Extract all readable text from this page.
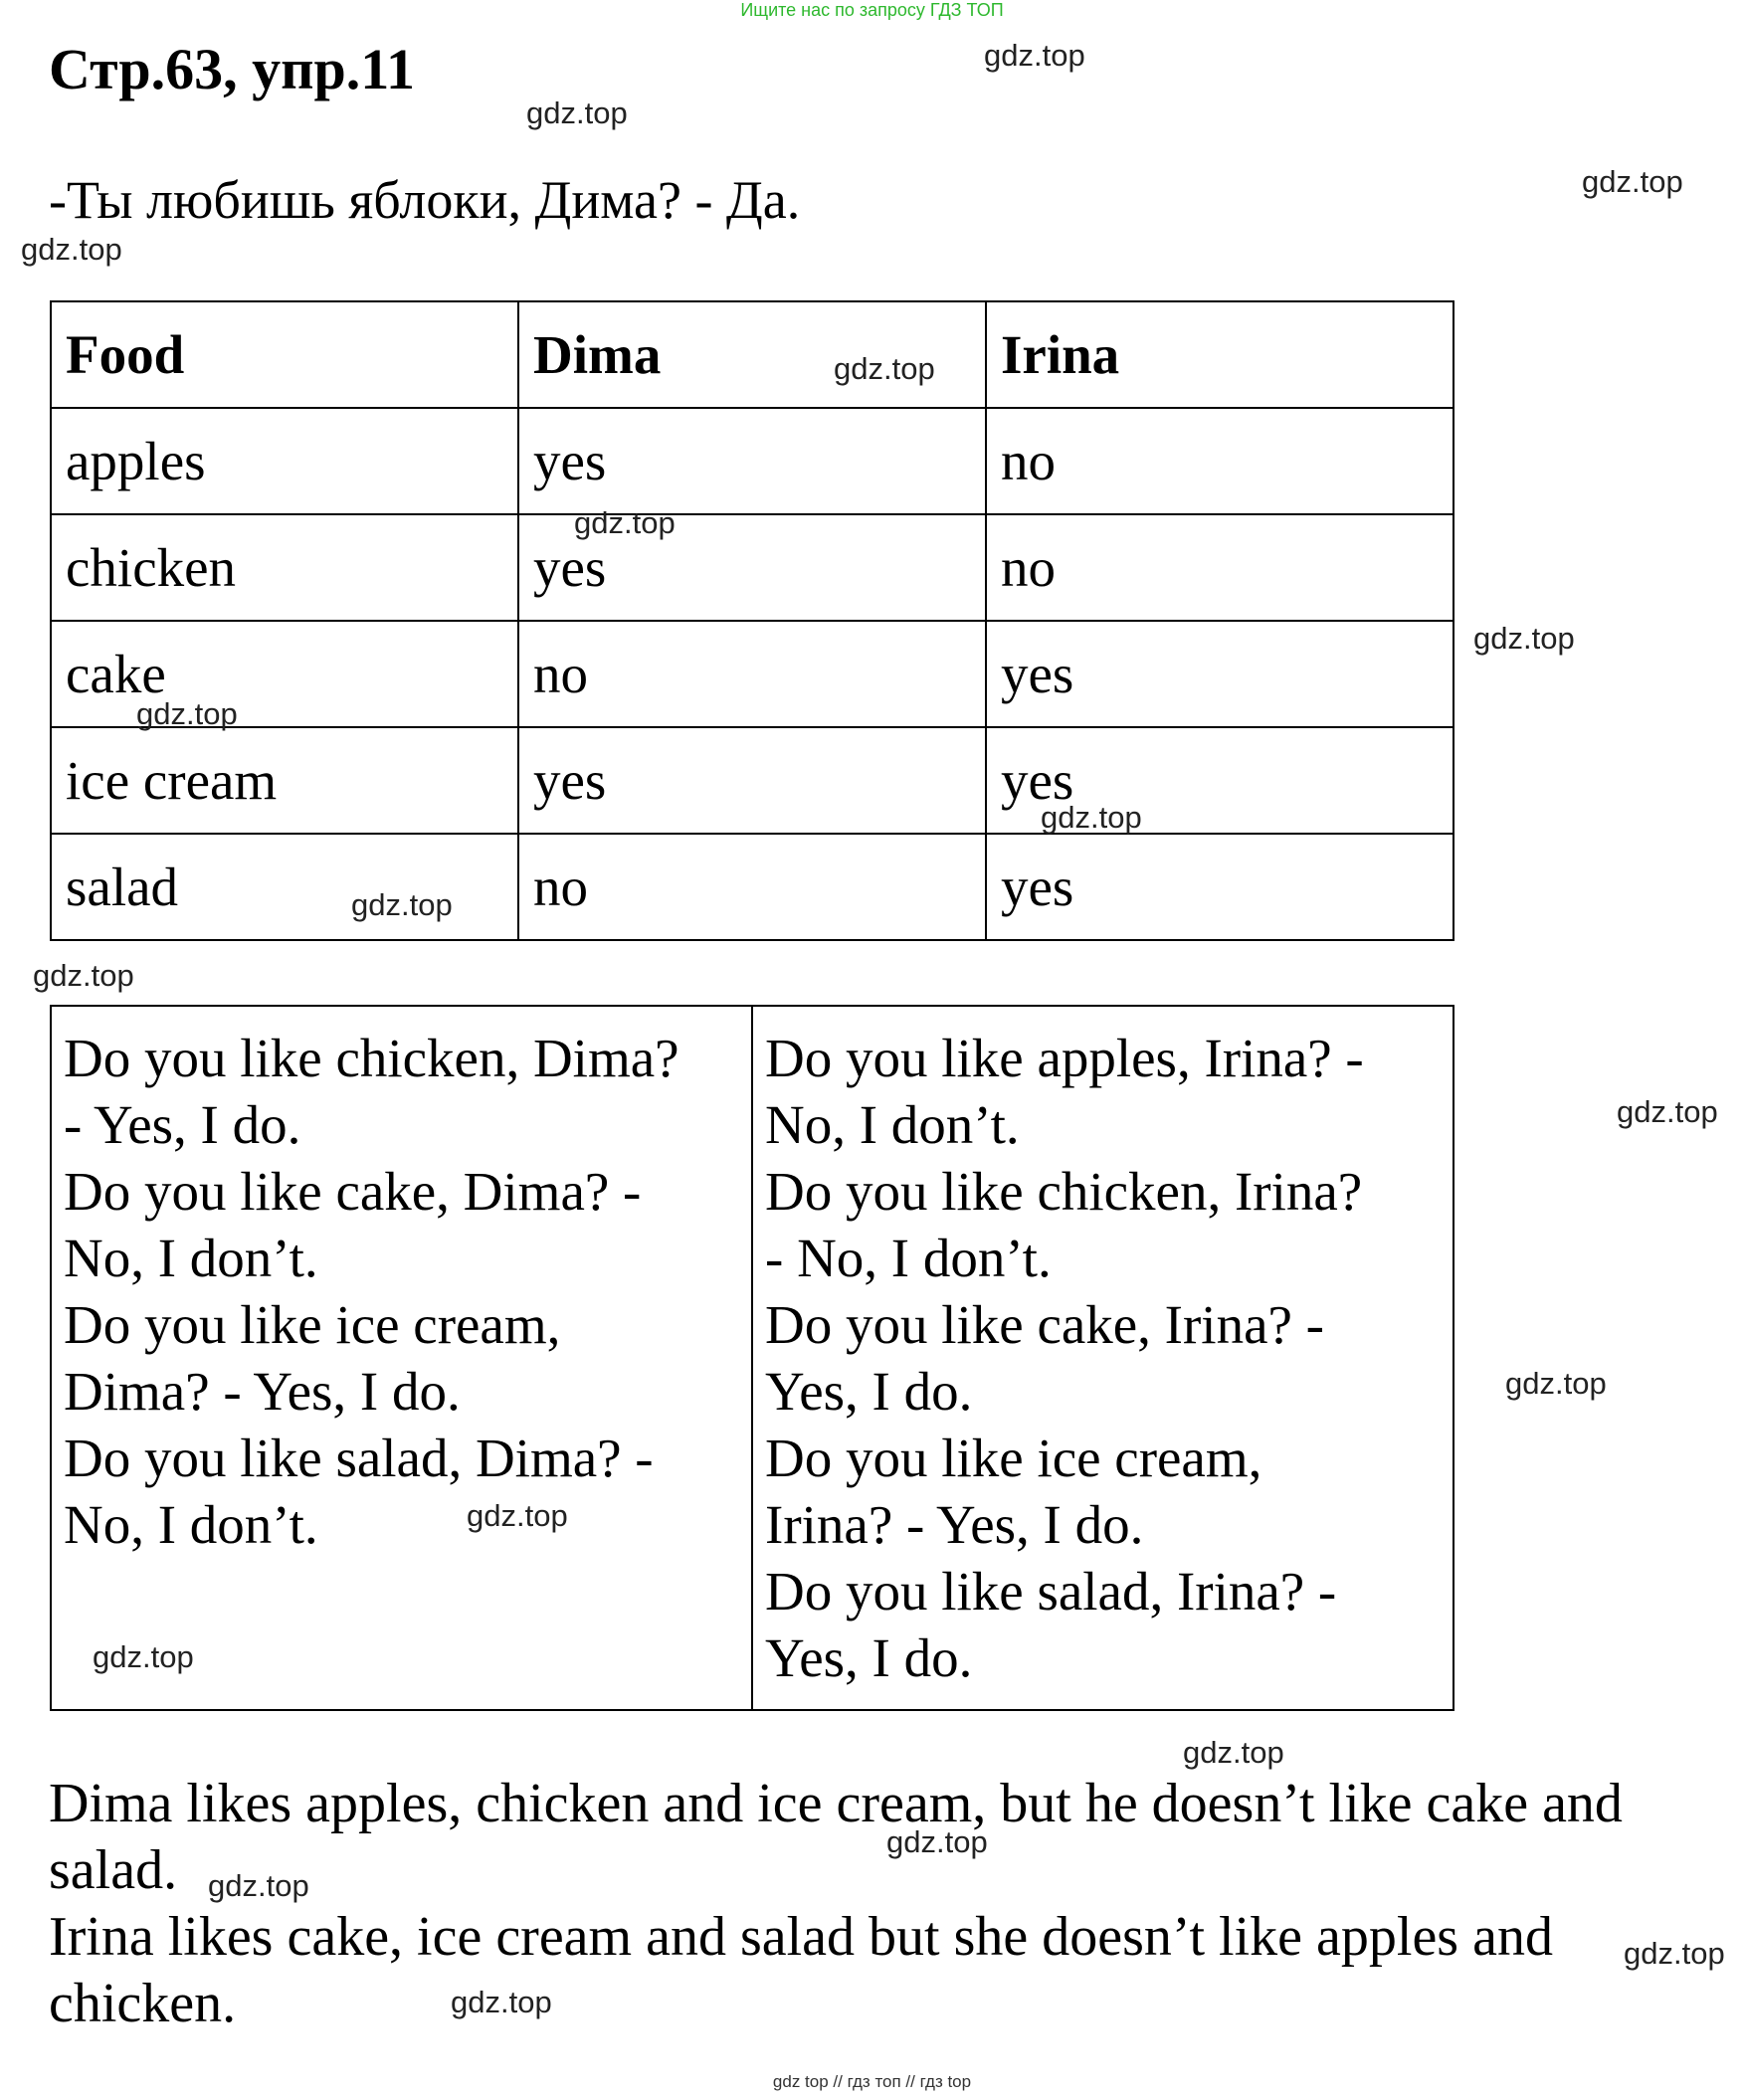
Ищите нас по запросу ГДЗ ТОП
Стр.63, упр.11
-Ты любишь яблоки, Дима? - Да.
Food	Dima	Irina
apples	yes	no
chicken	yes	no
cake	no	yes
ice cream	yes	yes
salad	no	yes
Do you like chicken, Dima?
- Yes, I do.
Do you like cake, Dima? -
No, I don’t.
Do you like ice cream,
Dima? - Yes, I do.
Do you like salad, Dima? -
No, I don’t.

Do you like apples, Irina? -
No, I don’t.
Do you like chicken, Irina?
- No, I don’t.
Do you like cake, Irina? -
Yes, I do.
Do you like ice cream,
Irina? - Yes, I do.
Do you like salad, Irina? -
Yes, I do.
Dima likes apples, chicken and ice cream, but he doesn’t like cake and
salad.
Irina likes cake, ice cream and salad but she doesn’t like apples and
chicken.
gdz.top
gdz.top
gdz.top
gdz.top
gdz.top
gdz.top
gdz.top
gdz.top
gdz.top
gdz.top
gdz.top
gdz.top
gdz.top
gdz.top
gdz.top
gdz.top
gdz.top
gdz.top
gdz.top
gdz.top
gdz top // гдз топ // гдз top
